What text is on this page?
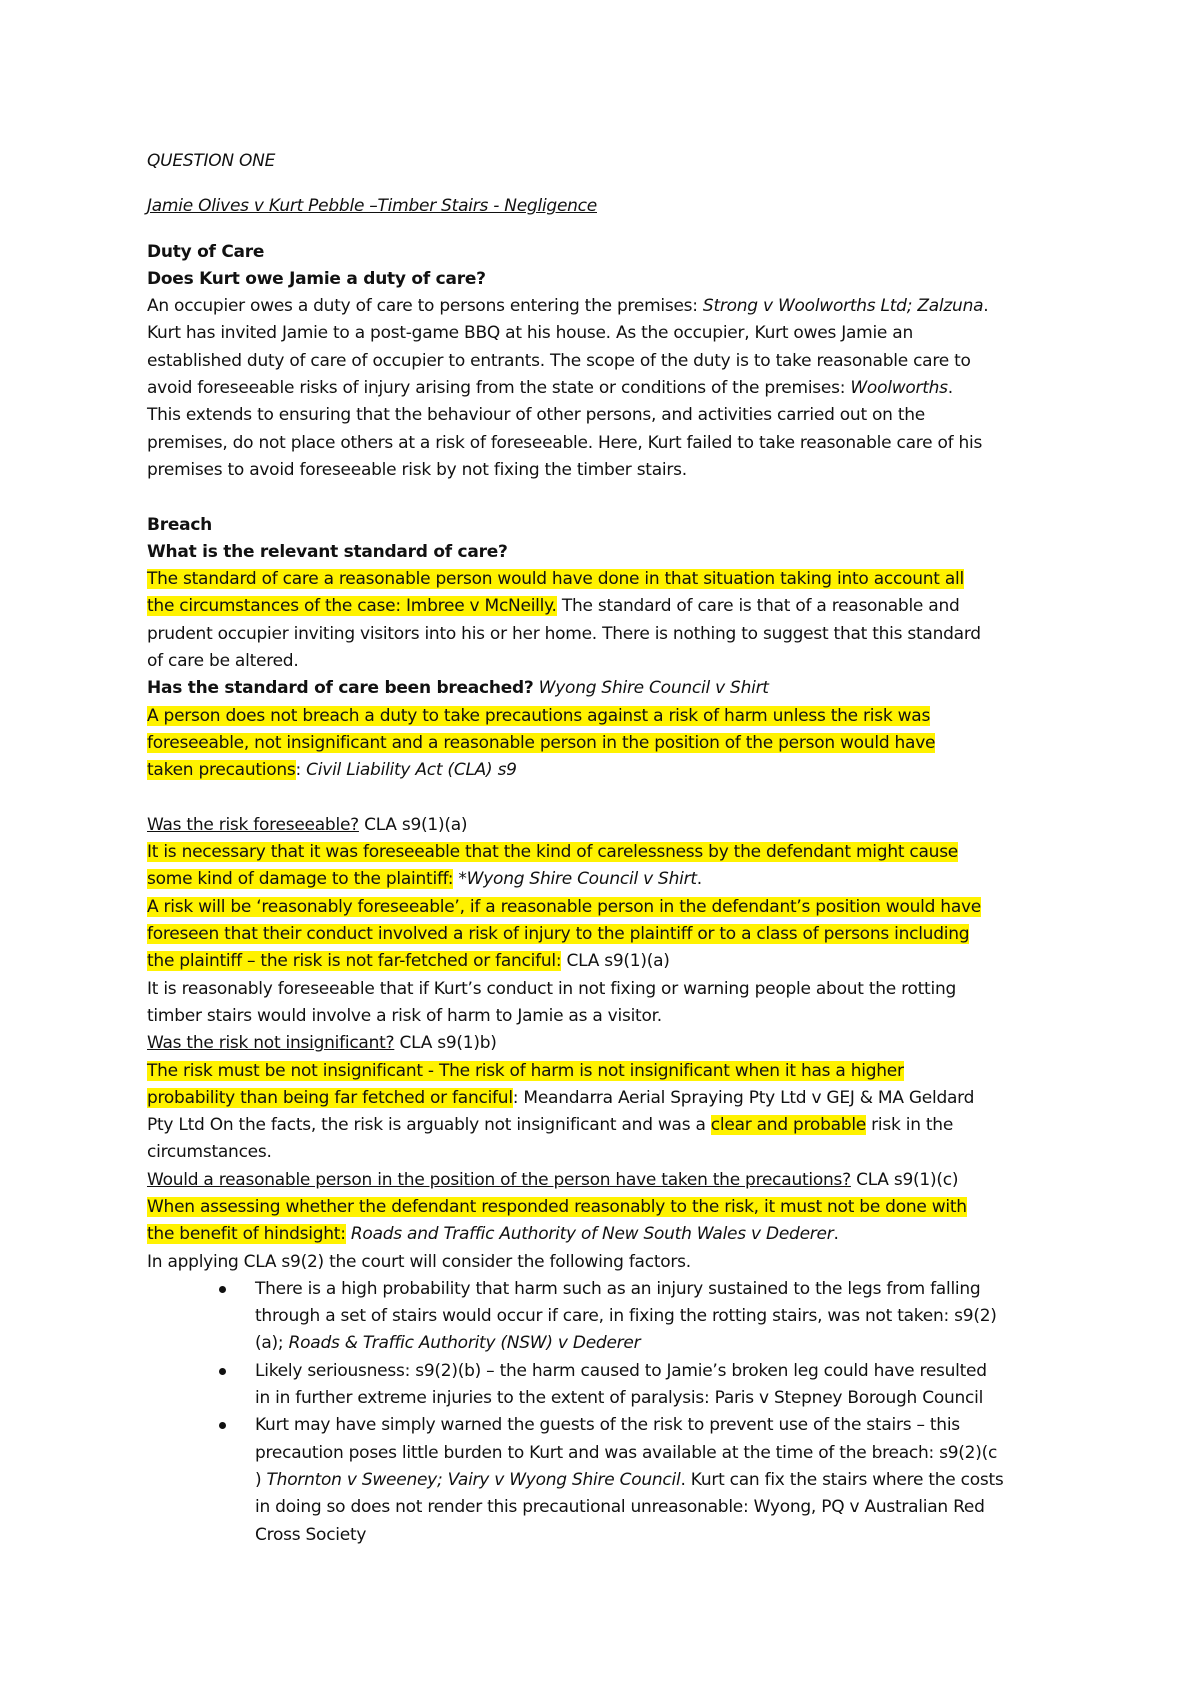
QUESTION ONE
Jamie Olives v Kurt Pebble –Timber Stairs - Negligence
Duty of Care
Does Kurt owe Jamie a duty of care?
An occupier owes a duty of care to persons entering the premises: Strong v Woolworths Ltd; Zalzuna.
Kurt has invited Jamie to a post-game BBQ at his house. As the occupier, Kurt owes Jamie an
established duty of care of occupier to entrants. The scope of the duty is to take reasonable care to
avoid foreseeable risks of injury arising from the state or conditions of the premises: Woolworths.
This extends to ensuring that the behaviour of other persons, and activities carried out on the
premises, do not place others at a risk of foreseeable. Here, Kurt failed to take reasonable care of his
premises to avoid foreseeable risk by not fixing the timber stairs.
Breach
What is the relevant standard of care?
The standard of care a reasonable person would have done in that situation taking into account all
the circumstances of the case: Imbree v McNeilly. The standard of care is that of a reasonable and
prudent occupier inviting visitors into his or her home. There is nothing to suggest that this standard
of care be altered.
Has the standard of care been breached? Wyong Shire Council v Shirt
A person does not breach a duty to take precautions against a risk of harm unless the risk was
foreseeable, not insignificant and a reasonable person in the position of the person would have
taken precautions: Civil Liability Act (CLA) s9
Was the risk foreseeable? CLA s9(1)(a)
It is necessary that it was foreseeable that the kind of carelessness by the defendant might cause
some kind of damage to the plaintiff: *Wyong Shire Council v Shirt.
A risk will be ‘reasonably foreseeable’, if a reasonable person in the defendant’s position would have
foreseen that their conduct involved a risk of injury to the plaintiff or to a class of persons including
the plaintiff – the risk is not far-fetched or fanciful: CLA s9(1)(a)
It is reasonably foreseeable that if Kurt’s conduct in not fixing or warning people about the rotting
timber stairs would involve a risk of harm to Jamie as a visitor.
Was the risk not insignificant? CLA s9(1)b)
The risk must be not insignificant - The risk of harm is not insignificant when it has a higher
probability than being far fetched or fanciful: Meandarra Aerial Spraying Pty Ltd v GEJ & MA Geldard
Pty Ltd On the facts, the risk is arguably not insignificant and was a clear and probable risk in the
circumstances.
Would a reasonable person in the position of the person have taken the precautions? CLA s9(1)(c)
When assessing whether the defendant responded reasonably to the risk, it must not be done with
the benefit of hindsight: Roads and Traffic Authority of New South Wales v Dederer.
In applying CLA s9(2) the court will consider the following factors.
There is a high probability that harm such as an injury sustained to the legs from falling
through a set of stairs would occur if care, in fixing the rotting stairs, was not taken: s9(2)
(a); Roads & Traffic Authority (NSW) v Dederer
Likely seriousness: s9(2)(b) – the harm caused to Jamie’s broken leg could have resulted
in in further extreme injuries to the extent of paralysis: Paris v Stepney Borough Council
Kurt may have simply warned the guests of the risk to prevent use of the stairs – this
precaution poses little burden to Kurt and was available at the time of the breach: s9(2)(c
) Thornton v Sweeney; Vairy v Wyong Shire Council. Kurt can fix the stairs where the costs
in doing so does not render this precautional unreasonable: Wyong, PQ v Australian Red
Cross Society
